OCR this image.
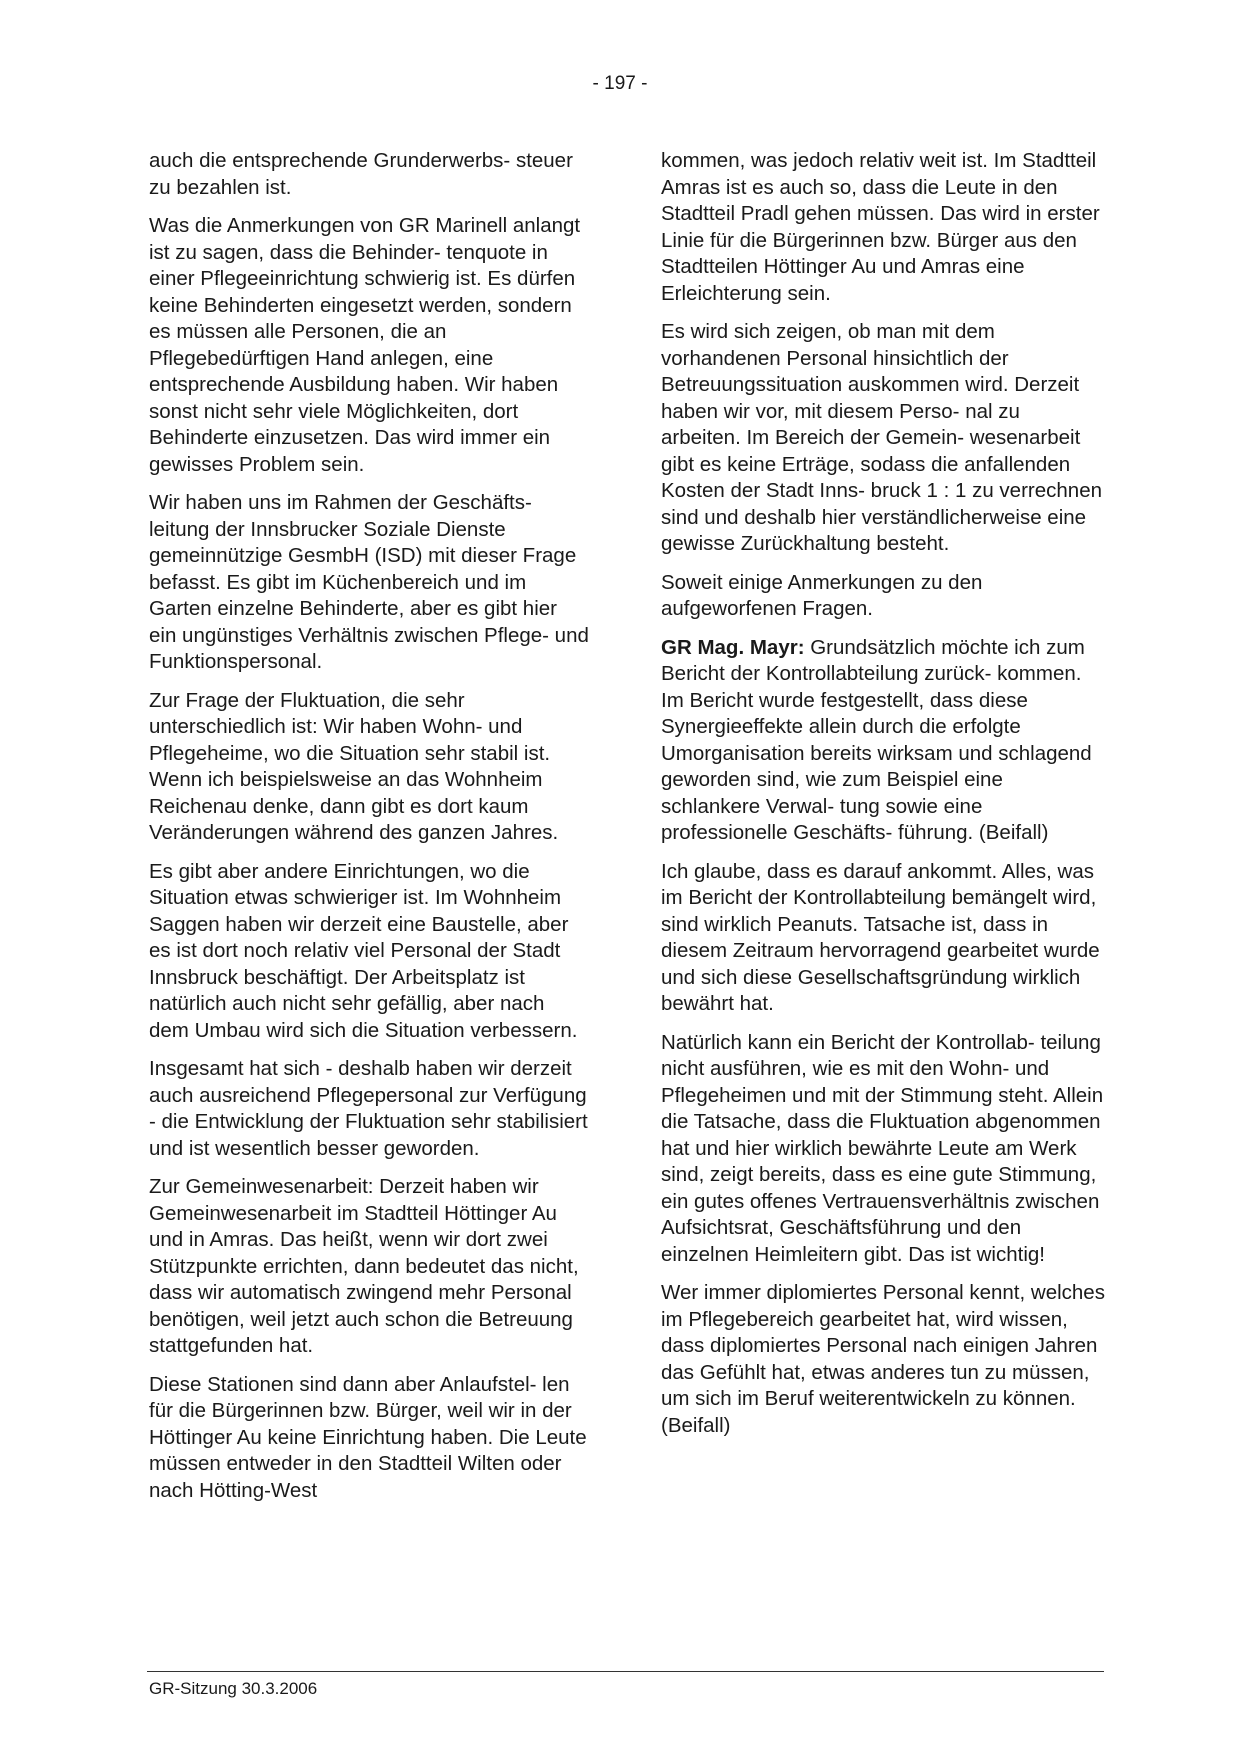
- 197 -

auch die entsprechende Grunderwerbs- steuer zu bezahlen ist.

Was die Anmerkungen von GR Marinell anlangt ist zu sagen, dass die Behinder- tenquote in einer Pflegeeinrichtung schwierig ist. Es dürfen keine Behinderten eingesetzt werden, sondern es müssen alle Personen, die an Pflegebedürftigen Hand anlegen, eine entsprechende Ausbildung haben. Wir haben sonst nicht sehr viele Möglichkeiten, dort Behinderte einzusetzen. Das wird immer ein gewisses Problem sein.

Wir haben uns im Rahmen der Geschäfts- leitung der Innsbrucker Soziale Dienste gemeinnützige GesmbH (ISD) mit dieser Frage befasst. Es gibt im Küchenbereich und im Garten einzelne Behinderte, aber es gibt hier ein ungünstiges Verhältnis zwischen Pflege- und Funktionspersonal.

Zur Frage der Fluktuation, die sehr unterschiedlich ist: Wir haben Wohn- und Pflegeheime, wo die Situation sehr stabil ist. Wenn ich beispielsweise an das Wohnheim Reichenau denke, dann gibt es dort kaum Veränderungen während des ganzen Jahres.

Es gibt aber andere Einrichtungen, wo die Situation etwas schwieriger ist. Im Wohnheim Saggen haben wir derzeit eine Baustelle, aber es ist dort noch relativ viel Personal der Stadt Innsbruck beschäftigt. Der Arbeitsplatz ist natürlich auch nicht sehr gefällig, aber nach dem Umbau wird sich die Situation verbessern.

Insgesamt hat sich - deshalb haben wir derzeit auch ausreichend Pflegepersonal zur Verfügung - die Entwicklung der Fluktuation sehr stabilisiert und ist wesentlich besser geworden.

Zur Gemeinwesenarbeit: Derzeit haben wir Gemeinwesenarbeit im Stadtteil Höttinger Au und in Amras. Das heißt, wenn wir dort zwei Stützpunkte errichten, dann bedeutet das nicht, dass wir automatisch zwingend mehr Personal benötigen, weil jetzt auch schon die Betreuung stattgefunden hat.

Diese Stationen sind dann aber Anlaufstel- len für die Bürgerinnen bzw. Bürger, weil wir in der Höttinger Au keine Einrichtung haben. Die Leute müssen entweder in den Stadtteil Wilten oder nach Hötting-West

kommen, was jedoch relativ weit ist. Im Stadtteil Amras ist es auch so, dass die Leute in den Stadtteil Pradl gehen müssen. Das wird in erster Linie für die Bürgerinnen bzw. Bürger aus den Stadtteilen Höttinger Au und Amras eine Erleichterung sein.

Es wird sich zeigen, ob man mit dem vorhandenen Personal hinsichtlich der Betreuungssituation auskommen wird. Derzeit haben wir vor, mit diesem Perso- nal zu arbeiten. Im Bereich der Gemein- wesenarbeit gibt es keine Erträge, sodass die anfallenden Kosten der Stadt Inns- bruck 1 : 1 zu verrechnen sind und deshalb hier verständlicherweise eine gewisse Zurückhaltung besteht.

Soweit einige Anmerkungen zu den aufgeworfenen Fragen.

GR Mag. Mayr: Grundsätzlich möchte ich zum Bericht der Kontrollabteilung zurück- kommen. Im Bericht wurde festgestellt, dass diese Synergieeffekte allein durch die erfolgte Umorganisation bereits wirksam und schlagend geworden sind, wie zum Beispiel eine schlankere Verwal- tung sowie eine professionelle Geschäfts- führung. (Beifall)

Ich glaube, dass es darauf ankommt. Alles, was im Bericht der Kontrollabteilung bemängelt wird, sind wirklich Peanuts. Tatsache ist, dass in diesem Zeitraum hervorragend gearbeitet wurde und sich diese Gesellschaftsgründung wirklich bewährt hat.

Natürlich kann ein Bericht der Kontrollab- teilung nicht ausführen, wie es mit den Wohn- und Pflegeheimen und mit der Stimmung steht. Allein die Tatsache, dass die Fluktuation abgenommen hat und hier wirklich bewährte Leute am Werk sind, zeigt bereits, dass es eine gute Stimmung, ein gutes offenes Vertrauensverhältnis zwischen Aufsichtsrat, Geschäftsführung und den einzelnen Heimleitern gibt. Das ist wichtig!

Wer immer diplomiertes Personal kennt, welches im Pflegebereich gearbeitet hat, wird wissen, dass diplomiertes Personal nach einigen Jahren das Gefühlt hat, etwas anderes tun zu müssen, um sich im Beruf weiterentwickeln zu können. (Beifall)

GR-Sitzung 30.3.2006
